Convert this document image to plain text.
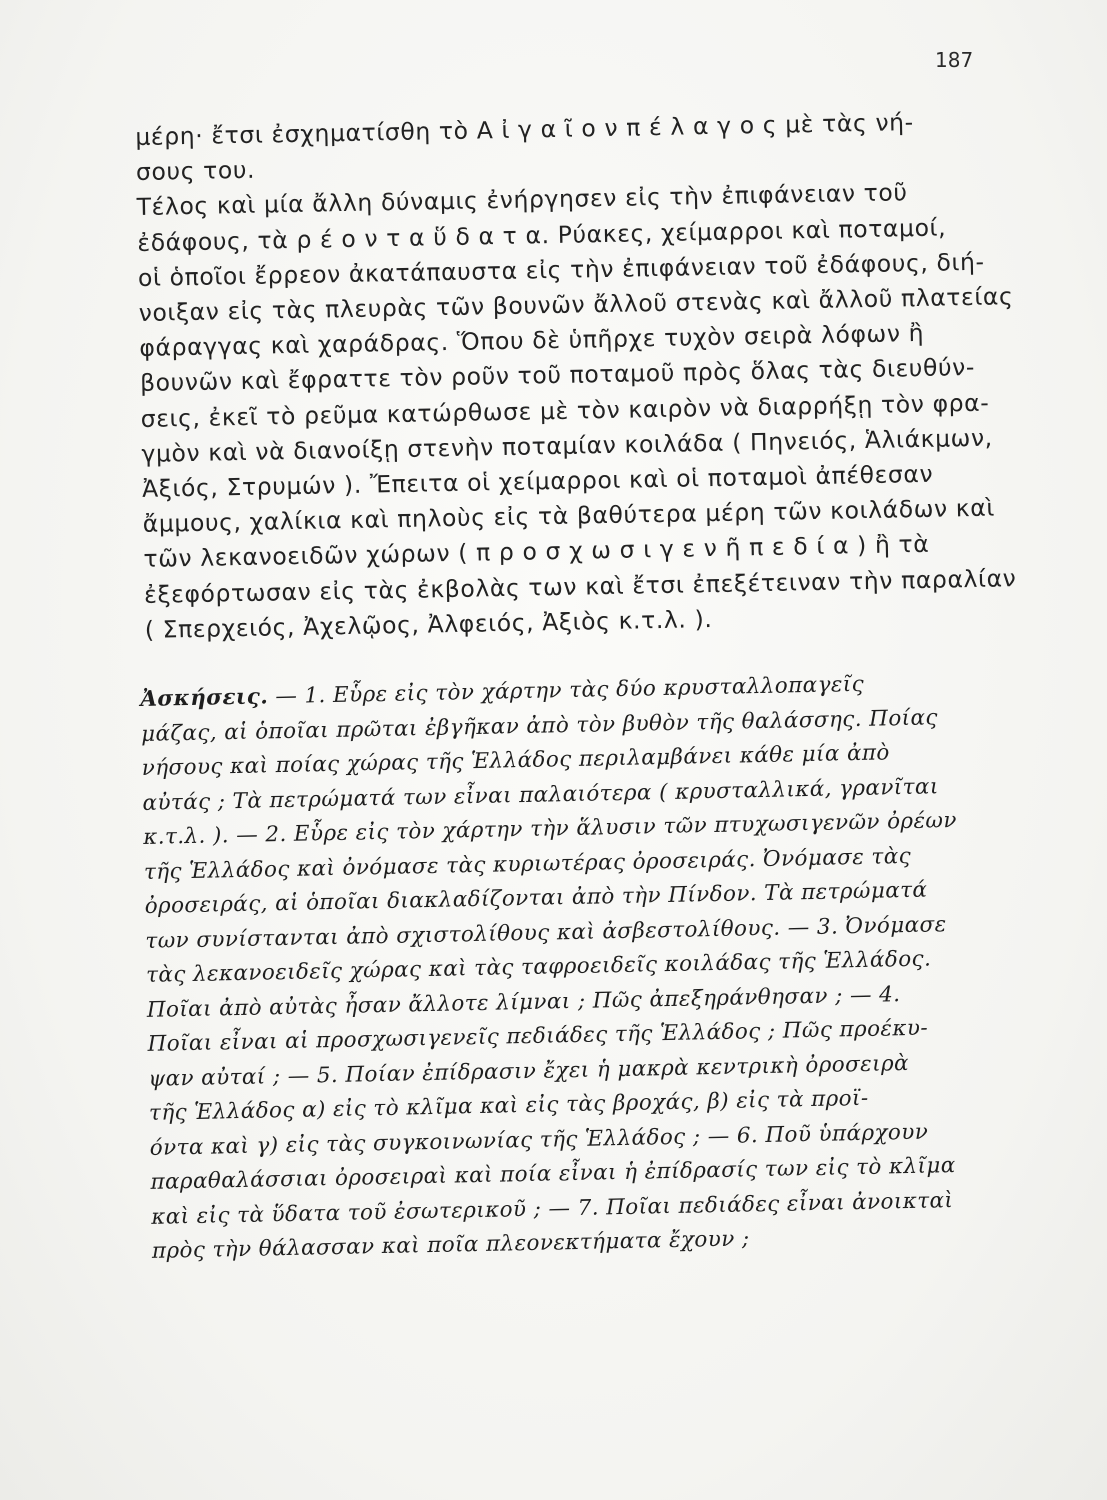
187
μέρη· ἔτσι ἐσχηματίσθη τὸ Α ἰ γ α ῖ ο ν π έ λ α γ ο ς μὲ τὰς νή-
σους του.
Τέλος καὶ μία ἄλλη δύναμις ἐνήργησεν εἰς τὴν ἐπιφάνειαν τοῦ
ἐδάφους, τὰ ρ έ ο ν τ α ὕ δ α τ α. Ρύακες, χείμαρροι καὶ ποταμοί,
οἱ ὁποῖοι ἔρρεον ἀκατάπαυστα εἰς τὴν ἐπιφάνειαν τοῦ ἐδάφους, διή-
νοιξαν εἰς τὰς πλευρὰς τῶν βουνῶν ἄλλοῦ στενὰς καὶ ἄλλοῦ πλατείας
φάραγγας καὶ χαράδρας. Ὅπου δὲ ὑπῆρχε τυχὸν σειρὰ λόφων ἢ
βουνῶν καὶ ἔφραττε τὸν ροῦν τοῦ ποταμοῦ πρὸς ὅλας τὰς διευθύν-
σεις, ἐκεῖ τὸ ρεῦμα κατώρθωσε μὲ τὸν καιρὸν νὰ διαρρήξῃ τὸν φρα-
γμὸν καὶ νὰ διανοίξῃ στενὴν ποταμίαν κοιλάδα ( Πηνειός, Ἁλιάκμων,
Ἀξιός, Στρυμών ). Ἔπειτα οἱ χείμαρροι καὶ οἱ ποταμοὶ ἀπέθεσαν
ἄμμους, χαλίκια καὶ πηλοὺς εἰς τὰ βαθύτερα μέρη τῶν κοιλάδων καὶ
τῶν λεκανοειδῶν χώρων ( π ρ ο σ χ ω σ ι γ ε ν ῆ π ε δ ί α ) ἢ τὰ
ἐξεφόρτωσαν εἰς τὰς ἐκβολὰς των καὶ ἔτσι ἐπεξέτειναν τὴν παραλίαν
( Σπερχειός, Ἀχελῷος, Ἀλφειός, Ἀξιὸς κ.τ.λ. ).
Ἀσκήσεις. — 1. Εὗρε εἰς τὸν χάρτην τὰς δύο κρυσταλλοπαγεῖς
μάζας, αἱ ὁποῖαι πρῶται ἐβγῆκαν ἀπὸ τὸν βυθὸν τῆς θαλάσσης. Ποίας
νήσους καὶ ποίας χώρας τῆς Ἑλλάδος περιλαμβάνει κάθε μία ἀπὸ
αὐτάς ; Τὰ πετρώματά των εἶναι παλαιότερα ( κρυσταλλικά, γρανῖται
κ.τ.λ. ). — 2. Εὗρε εἰς τὸν χάρτην τὴν ἅλυσιν τῶν πτυχωσιγενῶν ὀρέων
τῆς Ἑλλάδος καὶ ὀνόμασε τὰς κυριωτέρας ὀροσειράς. Ὀνόμασε τὰς
ὀροσειράς, αἱ ὁποῖαι διακλαδίζονται ἀπὸ τὴν Πίνδον. Τὰ πετρώματά
των συνίστανται ἀπὸ σχιστολίθους καὶ ἀσβεστολίθους. — 3. Ὀνόμασε
τὰς λεκανοειδεῖς χώρας καὶ τὰς ταφροειδεῖς κοιλάδας τῆς Ἑλλάδος.
Ποῖαι ἀπὸ αὐτὰς ἦσαν ἄλλοτε λίμναι ; Πῶς ἀπεξηράνθησαν ; — 4.
Ποῖαι εἶναι αἱ προσχωσιγενεῖς πεδιάδες τῆς Ἑλλάδος ; Πῶς προέκυ-
ψαν αὐταί ; — 5. Ποίαν ἐπίδρασιν ἔχει ἡ μακρὰ κεντρικὴ ὀροσειρὰ
τῆς Ἑλλάδος α) εἰς τὸ κλῖμα καὶ εἰς τὰς βροχάς, β) εἰς τὰ προϊ-
όντα καὶ γ) εἰς τὰς συγκοινωνίας τῆς Ἑλλάδος ; — 6. Ποῦ ὑπάρχουν
παραθαλάσσιαι ὀροσειραὶ καὶ ποία εἶναι ἡ ἐπίδρασίς των εἰς τὸ κλῖμα
καὶ εἰς τὰ ὕδατα τοῦ ἐσωτερικοῦ ; — 7. Ποῖαι πεδιάδες εἶναι ἀνοικταὶ
πρὸς τὴν θάλασσαν καὶ ποῖα πλεονεκτήματα ἔχουν ;
